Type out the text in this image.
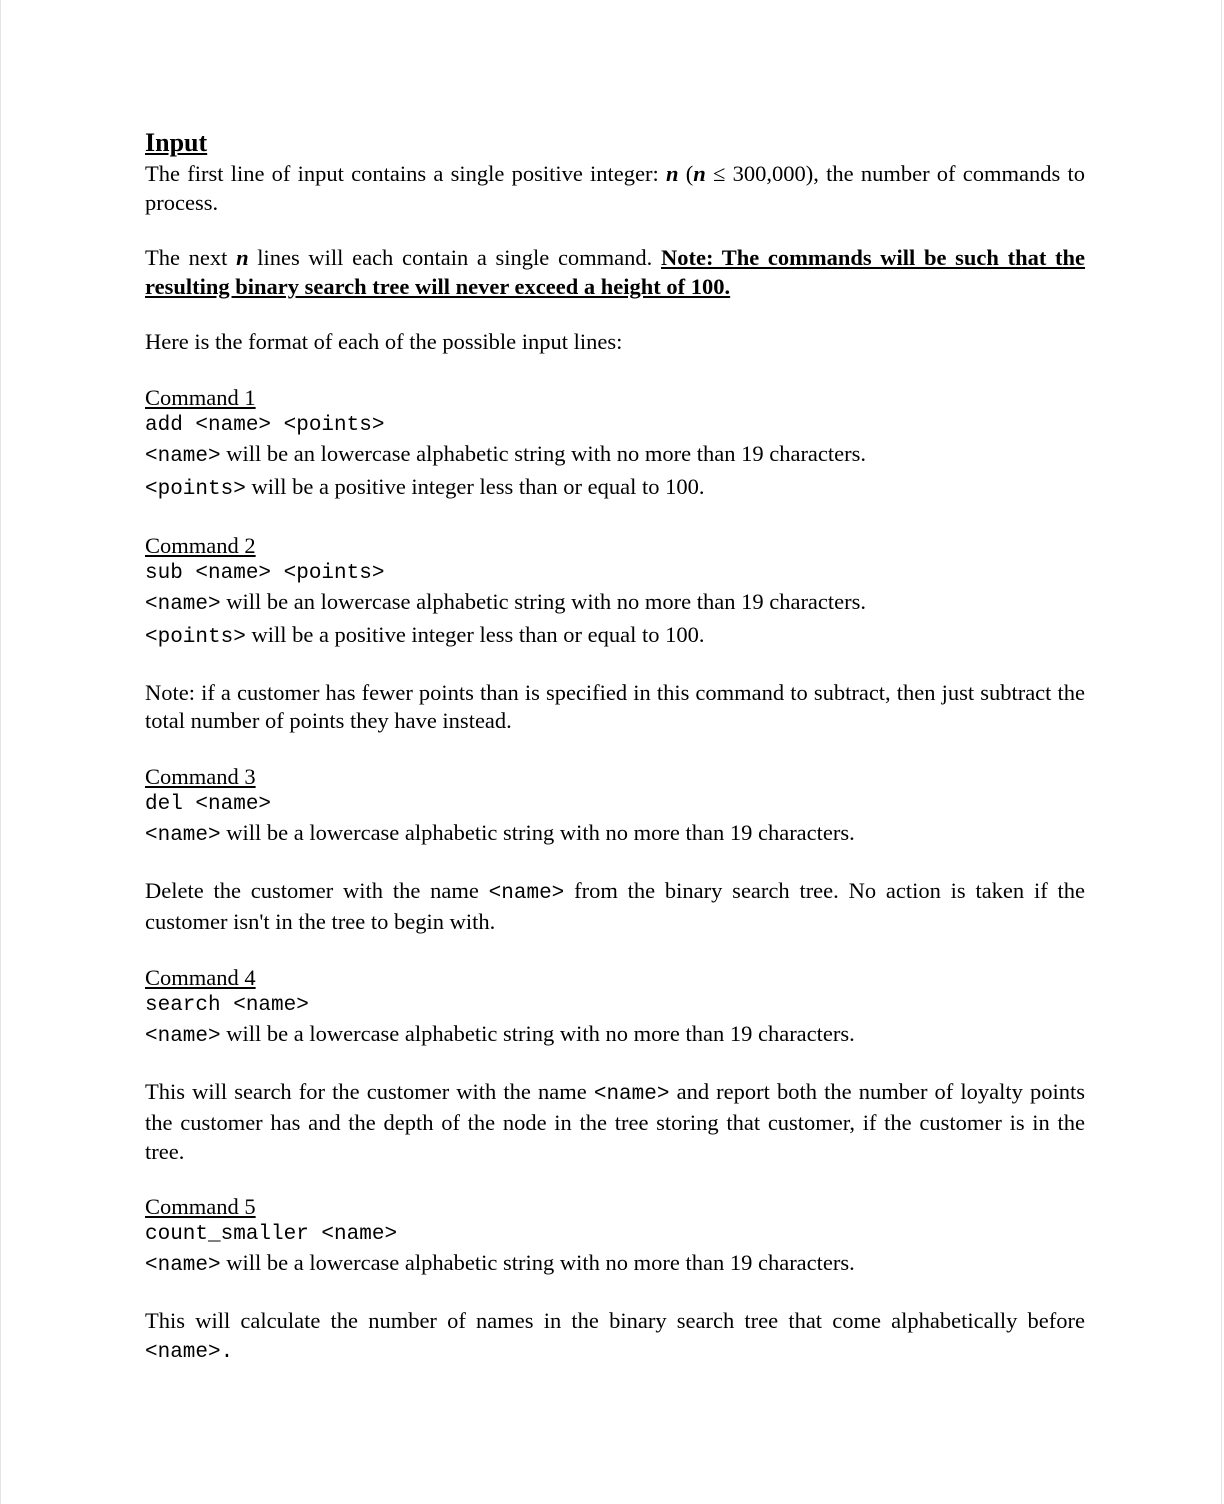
Input

The first line of input contains a single positive integer: n (n ≤ 300,000), the number of commands to process.

The next n lines will each contain a single command. Note: The commands will be such that the resulting binary search tree will never exceed a height of 100.

Here is the format of each of the possible input lines:

Command 1
add <name> <points>

<name> will be an lowercase alphabetic string with no more than 19 characters.

<points> will be a positive integer less than or equal to 100.

Command 2
sub <name> <points>

<name> will be an lowercase alphabetic string with no more than 19 characters.

<points> will be a positive integer less than or equal to 100.

Note: if a customer has fewer points than is specified in this command to subtract, then just subtract the total number of points they have instead.

Command 3
del <name>

<name> will be a lowercase alphabetic string with no more than 19 characters.

Delete the customer with the name <name> from the binary search tree. No action is taken if the customer isn't in the tree to begin with.

Command 4
search <name>

<name> will be a lowercase alphabetic string with no more than 19 characters.

This will search for the customer with the name <name> and report both the number of loyalty points the customer has and the depth of the node in the tree storing that customer, if the customer is in the tree.

Command 5
count_smaller <name>

<name> will be a lowercase alphabetic string with no more than 19 characters.

This will calculate the number of names in the binary search tree that come alphabetically before <name>.
